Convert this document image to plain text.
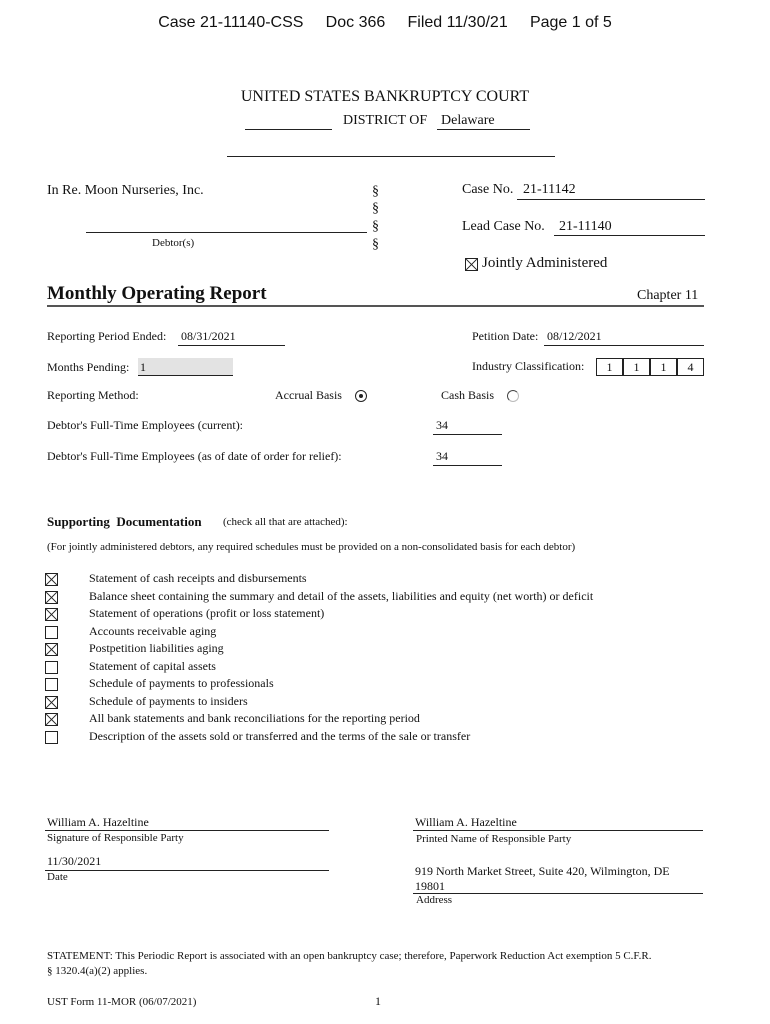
Case 21-11140-CSS     Doc 366     Filed 11/30/21     Page 1 of 5
UNITED STATES BANKRUPTCY COURT
DISTRICT OF Delaware
In Re. Moon Nurseries, Inc.
Debtor(s)
§
§
§
§
Case No. 21-11142
Lead Case No. 21-11140
Jointly Administered
Monthly Operating Report	Chapter 11
Reporting Period Ended: 08/31/2021	Petition Date: 08/12/2021
Months Pending: 1	Industry Classification:	1	1	1	4
Reporting Method:	Accrual Basis	Cash Basis
Debtor's Full-Time Employees (current):	34
Debtor's Full-Time Employees (as of date of order for relief):	34
Supporting  Documentation (check all that are attached):
(For jointly administered debtors, any required schedules must be provided on a non-consolidated basis for each debtor)
Statement of cash receipts and disbursements
Balance sheet containing the summary and detail of the assets, liabilities and equity (net worth) or deficit
Statement of operations (profit or loss statement)
Accounts receivable aging
Postpetition liabilities aging
Statement of capital assets
Schedule of payments to professionals
Schedule of payments to insiders
All bank statements and bank reconciliations for the reporting period
Description of the assets sold or transferred and the terms of the sale or transfer
William A. Hazeltine
Signature of Responsible Party
William A. Hazeltine
Printed Name of Responsible Party
11/30/2021
Date	919 North Market Street, Suite 420, Wilmington, DE
19801
Address
STATEMENT: This Periodic Report is associated with an open bankruptcy case; therefore, Paperwork Reduction Act exemption 5 C.F.R.
§ 1320.4(a)(2) applies.
UST Form 11-MOR (06/07/2021)	1
